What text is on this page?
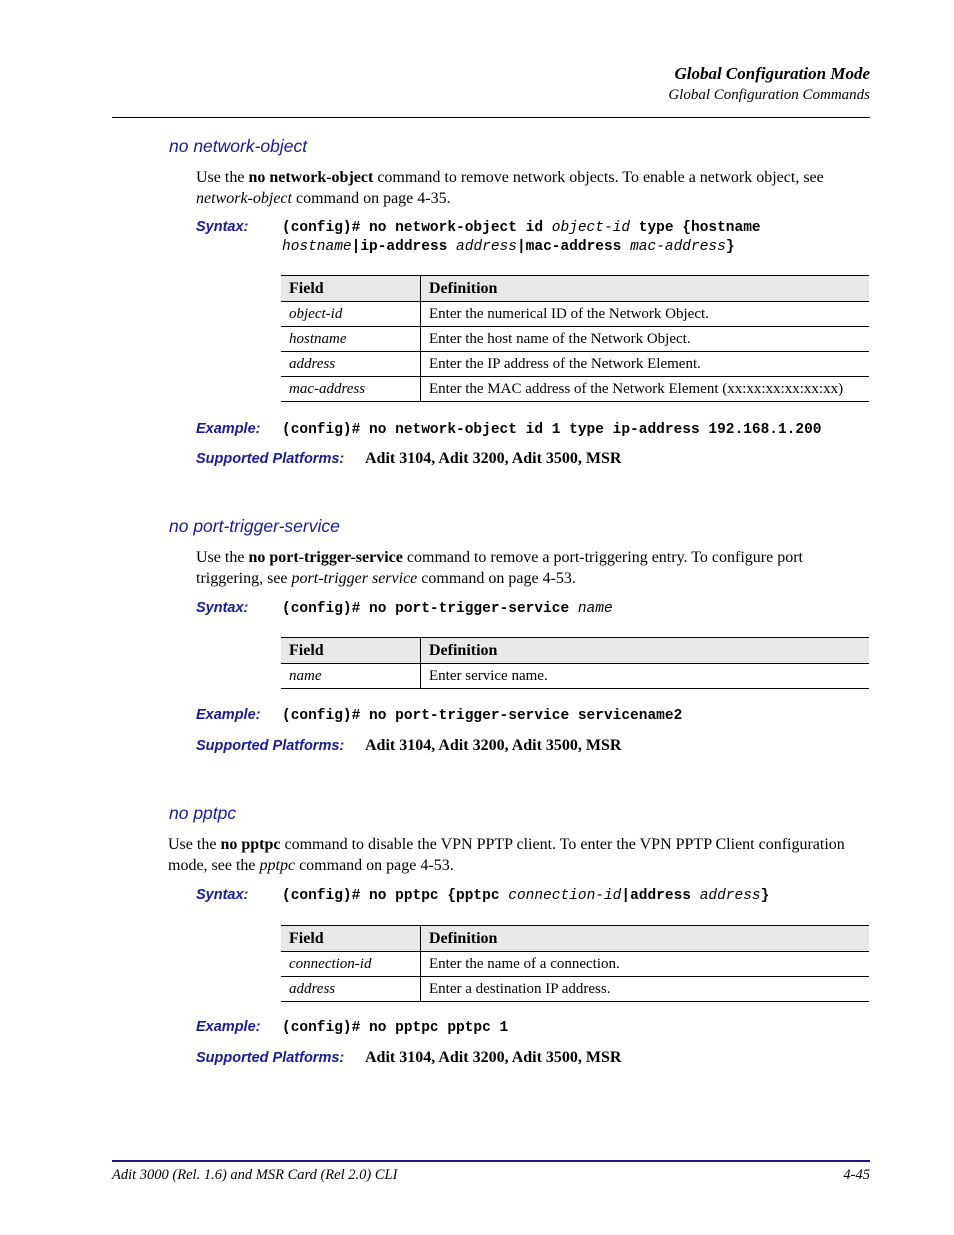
Global Configuration Mode
Global Configuration Commands
no network-object
Use the no network-object command to remove network objects. To enable a network object, see network-object command on page 4-35.
Syntax: (config)# no network-object id object-id type {hostname
hostname|ip-address address|mac-address mac-address}
Field	Definition
object-id	Enter the numerical ID of the Network Object.
hostname	Enter the host name of the Network Object.
address	Enter the IP address of the Network Element.
mac-address	Enter the MAC address of the Network Element (xx:xx:xx:xx:xx:xx)
Example: (config)# no network-object id 1 type ip-address 192.168.1.200
Supported Platforms: Adit 3104, Adit 3200, Adit 3500, MSR
no port-trigger-service
Use the no port-trigger-service command to remove a port-triggering entry. To configure port triggering, see port-trigger service command on page 4-53.
Syntax: (config)# no port-trigger-service name
Field	Definition
name	Enter service name.
Example: (config)# no port-trigger-service servicename2
Supported Platforms: Adit 3104, Adit 3200, Adit 3500, MSR
no pptpc
Use the no pptpc command to disable the VPN PPTP client. To enter the VPN PPTP Client configuration mode, see the pptpc command on page 4-53.
Syntax: (config)# no pptpc {pptpc connection-id|address address}
Field	Definition
connection-id	Enter the name of a connection.
address	Enter a destination IP address.
Example: (config)# no pptpc pptpc 1
Supported Platforms: Adit 3104, Adit 3200, Adit 3500, MSR
Adit 3000 (Rel. 1.6) and MSR Card (Rel 2.0) CLI	4-45
